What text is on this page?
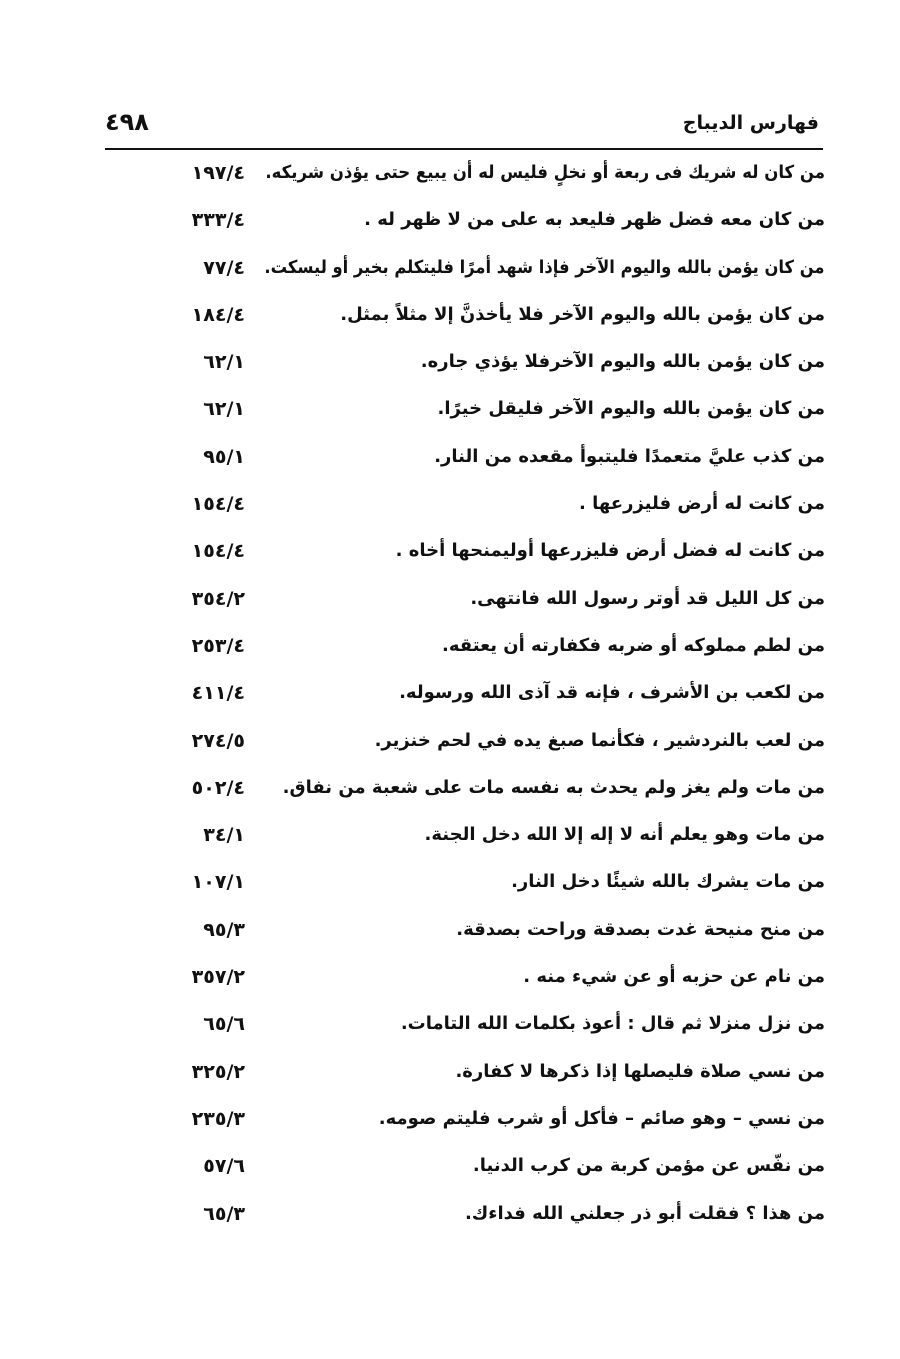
٤٩٨	فهارس الديباج
من كان له شريك فى ربعة أو نخلٍ فليس له أن يبيع حتى يؤذن شريكه.
١٩٧/٤
من كان معه فضل ظهر فليعد به على من لا ظهر له .
٣٣٣/٤
من كان يؤمن بالله واليوم الآخر فإذا شهد أمرًا فليتكلم بخير أو ليسكت.
٧٧/٤
من كان يؤمن بالله واليوم الآخر فلا يأخذنَّ إلا مثلاً بمثل.
١٨٤/٤
من كان يؤمن بالله واليوم الآخرفلا يؤذي جاره.
٦٢/١
من كان يؤمن بالله واليوم الآخر فليقل خيرًا.
٦٢/١
من كذب عليَّ متعمدًا فليتبوأ مقعده من النار.
٩٥/١
من كانت له أرض فليزرعها .
١٥٤/٤
من كانت له فضل أرض فليزرعها أوليمنحها أخاه .
١٥٤/٤
من كل الليل قد أوتر رسول الله فانتهى.
٣٥٤/٢
من لطم مملوكه أو ضربه فكفارته أن يعتقه.
٢٥٣/٤
من لكعب بن الأشرف ، فإنه قد آذى الله ورسوله.
٤١١/٤
من لعب بالنردشير ، فكأنما صبغ يده في لحم خنزير.
٢٧٤/٥
من مات ولم يغز ولم يحدث به نفسه مات على شعبة من نفاق.
٥٠٢/٤
من مات وهو يعلم أنه لا إله إلا الله دخل الجنة.
٣٤/١
من مات يشرك بالله شيئًا دخل النار.
١٠٧/١
من منح منيحة غدت بصدقة وراحت بصدقة.
٩٥/٣
من نام عن حزبه أو عن شيء منه .
٣٥٧/٢
من نزل منزلا ثم قال : أعوذ بكلمات الله التامات.
٦٥/٦
من نسي صلاة فليصلها إذا ذكرها لا كفارة.
٣٢٥/٢
من نسي – وهو صائم – فأكل أو شرب فليتم صومه.
٢٣٥/٣
من نفّس عن مؤمن كربة من كرب الدنيا.
٥٧/٦
من هذا ؟ فقلت أبو ذر جعلني الله فداءك.
٦٥/٣
